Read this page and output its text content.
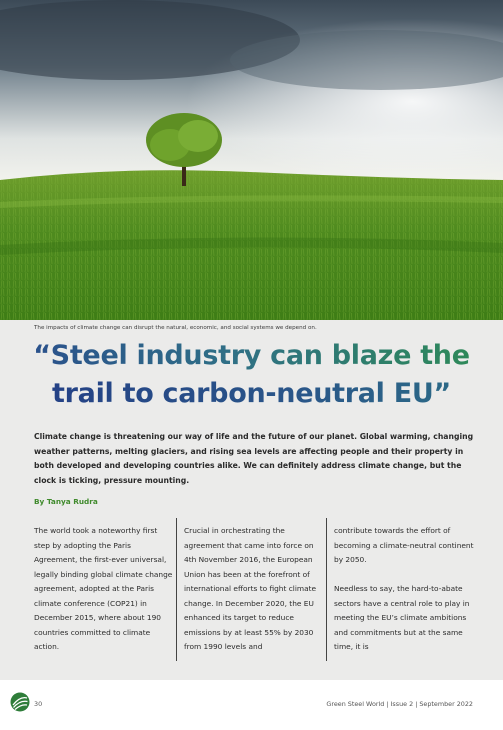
The impacts of climate change can disrupt the natural, economic, and social systems we depend on.
“Steel industry can blaze the
trail to carbon-neutral EU”
Climate change is threatening our way of life and the future of our planet. Global warming, changing weather patterns, melting glaciers, and rising sea levels are affecting people and their property in both developed and developing countries alike. We can definitely address climate change, but the clock is ticking, pressure mounting.
By Tanya Rudra

The world took a noteworthy first step by adopting the Paris Agreement, the first-ever universal, legally binding global climate change agreement, adopted at the Paris climate conference (COP21) in December 2015, where about 190 countries committed to climate action.

Crucial in orchestrating the agreement that came into force on 4th November 2016, the European Union has been at the forefront of international efforts to fight climate change. In December 2020, the EU enhanced its target to reduce emissions by at least 55% by 2030 from 1990 levels and

contribute towards the effort of becoming a climate-neutral continent by 2050.

Needless to say, the hard-to-abate sectors have a central role to play in meeting the EU’s climate ambitions and commitments but at the same time, it is

30	Green Steel World | Issue 2 | September 2022
